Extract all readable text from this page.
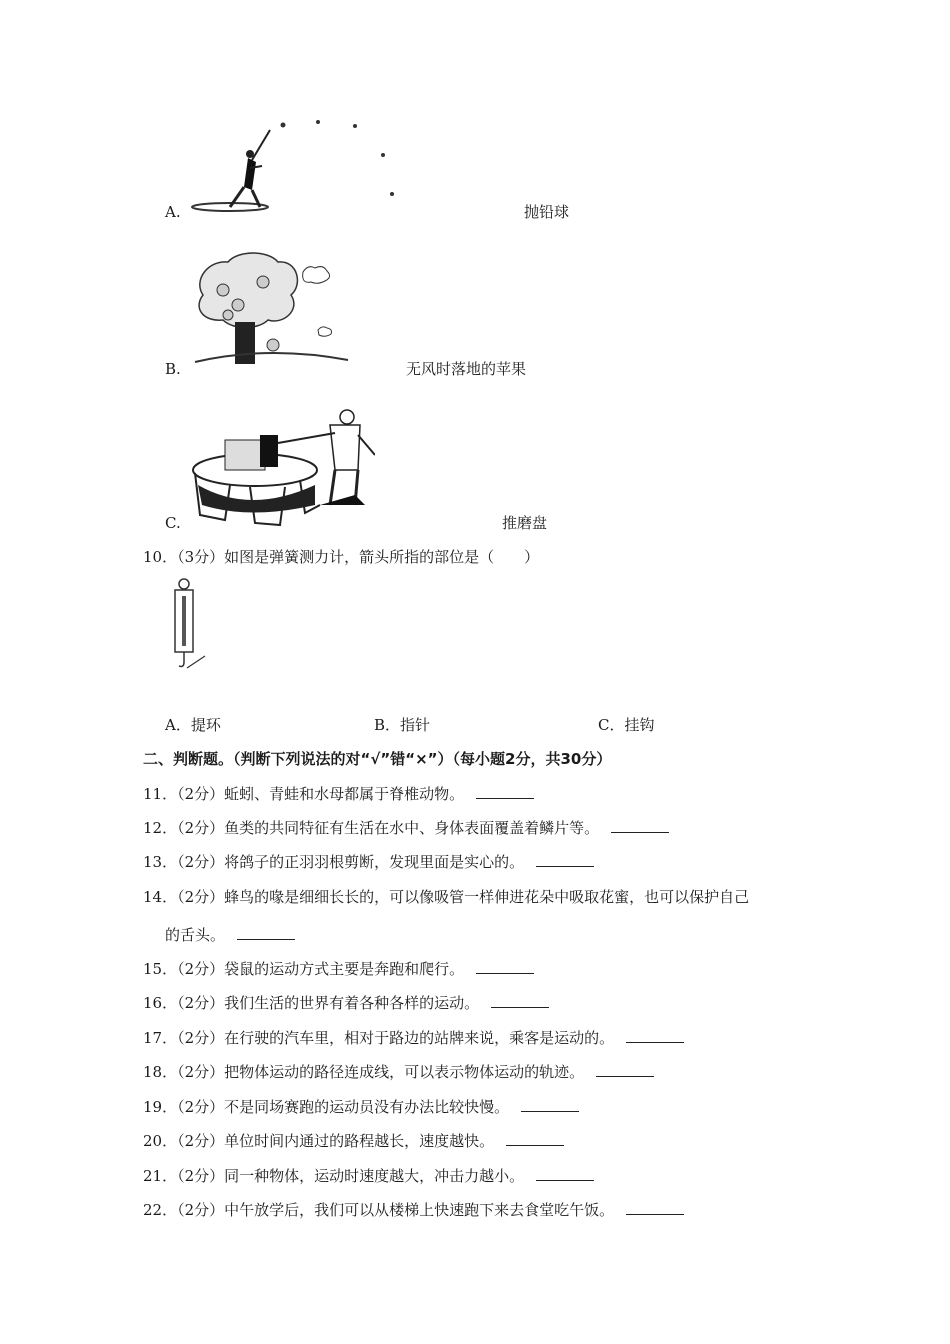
A.	抛铅球
B.	无风时落地的苹果
C.	推磨盘
10．（3分）如图是弹簧测力计，箭头所指的部位是（　　）
A．提环	B．指针	C．挂钩
二、判断题。（判断下列说法的对“√”错“×”）（每小题2分，共30分）
11．（2分）蚯蚓、青蛙和水母都属于脊椎动物。
12．（2分）鱼类的共同特征有生活在水中、身体表面覆盖着鳞片等。
13．（2分）将鸽子的正羽羽根剪断，发现里面是实心的。
14．（2分）蜂鸟的喙是细细长长的，可以像吸管一样伸进花朵中吸取花蜜，也可以保护自己
的舌头。
15．（2分）袋鼠的运动方式主要是奔跑和爬行。
16．（2分）我们生活的世界有着各种各样的运动。
17．（2分）在行驶的汽车里，相对于路边的站牌来说，乘客是运动的。
18．（2分）把物体运动的路径连成线，可以表示物体运动的轨迹。
19．（2分）不是同场赛跑的运动员没有办法比较快慢。
20．（2分）单位时间内通过的路程越长，速度越快。
21．（2分）同一种物体，运动时速度越大，冲击力越小。
22．（2分）中午放学后，我们可以从楼梯上快速跑下来去食堂吃午饭。
